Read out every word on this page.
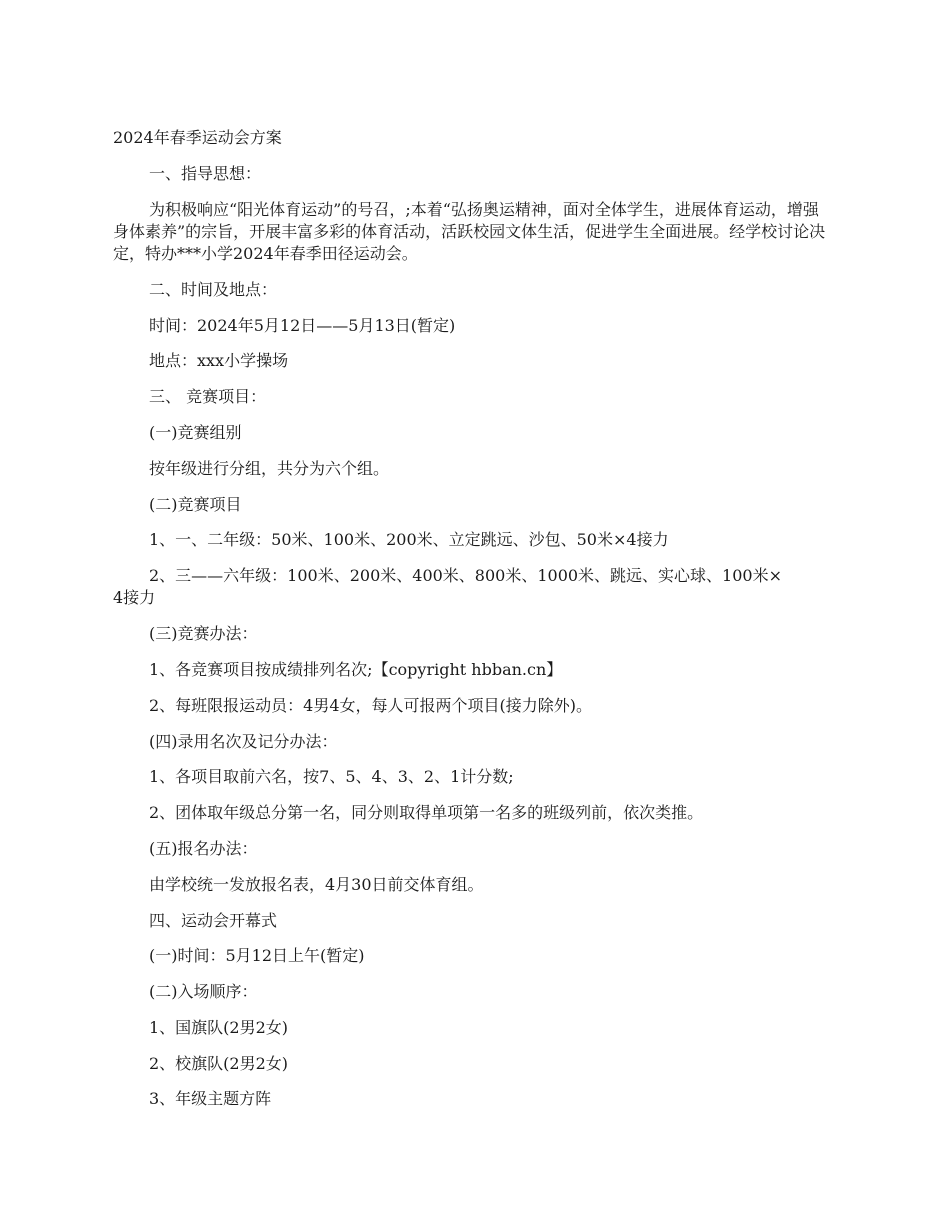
2024年春季运动会方案

一、指导思想：

为积极响应“阳光体育运动”的号召，;本着“弘扬奥运精神，面对全体学生，进展体育运动，增强身体素养”的宗旨，开展丰富多彩的体育活动，活跃校园文体生活，促进学生全面进展。经学校讨论决定，特办***小学2024年春季田径运动会。

二、时间及地点：

时间：2024年5月12日——5月13日(暂定)

地点：xxx小学操场

三、 竞赛项目：

(一)竞赛组别

按年级进行分组，共分为六个组。

(二)竞赛项目

1、一、二年级：50米、100米、200米、立定跳远、沙包、50米×4接力

2、三——六年级：100米、200米、400米、800米、1000米、跳远、实心球、100米×4接力

(三)竞赛办法：

1、各竞赛项目按成绩排列名次;【copyright hbban.cn】

2、每班限报运动员：4男4女，每人可报两个项目(接力除外)。

(四)录用名次及记分办法：

1、各项目取前六名，按7、5、4、3、2、1计分数;

2、团体取年级总分第一名，同分则取得单项第一名多的班级列前，依次类推。

(五)报名办法：

由学校统一发放报名表，4月30日前交体育组。

四、运动会开幕式

(一)时间：5月12日上午(暂定)

(二)入场顺序：

1、国旗队(2男2女)

2、校旗队(2男2女)

3、年级主题方阵
